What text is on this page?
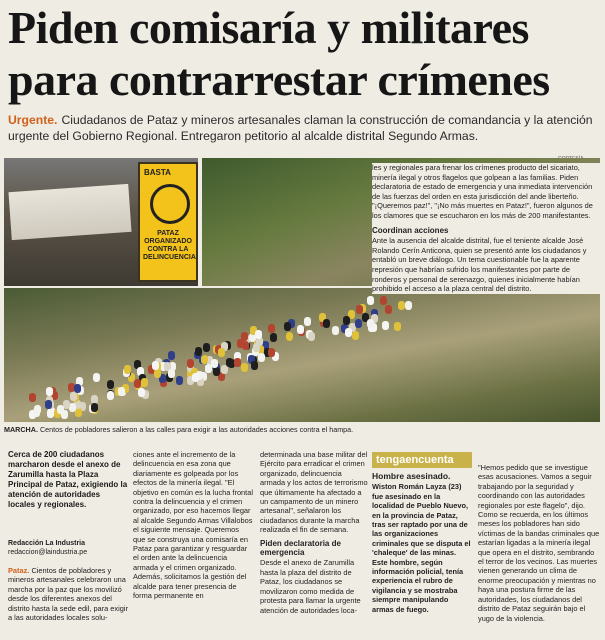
Piden comisaría y militares
para contrarrestar crímenes
Urgente. Ciudadanos de Pataz y mineros artesanales claman la construcción de comandancia y la atención urgente del Gobierno Regional. Entregaron petitorio al alcalde distrital Segundo Armas.
BASTA
PATAZ ORGANIZADO CONTRA LA DELINCUENCIA
MARCHA. Centos de pobladores salieron a las calles para exigir a las autoridades acciones contra el hampa.

les y regionales para frenar los crímenes producto del sicariato, minería ilegal y otros flagelos que golpean a las familias. Piden declaratoria de estado de emergencia y una inmediata intervención de las fuerzas del orden en esta jurisdicción del ande liberteño. "¡Queremos paz!", "¡No más muertes en Pataz!", fueron algunos de los clamores que se escucharon en los más de 200 manifestantes.

Coordinan acciones

Ante la ausencia del alcalde distrital, fue el teniente alcalde José Rolando Cerín Anticona, quien se presentó ante los ciudadanos y entabló un breve diálogo. Un tema cuestionable fue la aparente represión que habrían sufrido los manifestantes por parte de ronderos y personal de serenazgo, quienes inicialmente habían prohibido el acceso a la plaza central del distrito.

Cerca de 200 ciudadanos marcharon desde el anexo de Zarumilla hasta la Plaza Principal de Pataz, exigiendo la atención de autoridades locales y regionales.
Redacción La Industria
redaccion@laindustria.pe
Pataz. Cientos de pobladores y mineros artesanales celebraron una marcha por la paz que los movilizó desde los diferentes anexos del distrito hasta la sede edil, para exigir a las autoridades locales solu-
ciones ante el incremento de la delincuencia en esa zona que diariamente es golpeada por los efectos de la minería ilegal. "El objetivo en común es la lucha frontal contra la delincuencia y el crimen organizado, por eso hacemos llegar al alcalde Segundo Armas Villalobos el siguiente mensaje. Queremos que se construya una comisaría en Pataz para garantizar y resguardar el orden ante la delincuencia armada y el crimen organizado. Además, solicitamos la gestión del alcalde para tener presencia de forma permanente en
determinada una base militar del Ejército para erradicar el crimen organizado, delincuencia armada y los actos de terrorismo que últimamente ha afectado a un campamento de un minero artesanal", señalaron los ciudadanos durante la marcha realizada el fin de semana.
Piden declaratoria de emergencia
Desde el anexo de Zarumilla hasta la plaza del distrito de Pataz, los ciudadanos se movilizaron como medida de protesta para llamar la urgente atención de autoridades loca-
tengaencuenta
Hombre asesinado.
Wiston Román Layza (23) fue asesinado en la localidad de Pueblo Nuevo, en la provincia de Pataz, tras ser raptado por una de las organizaciones criminales que se disputa el 'chaleque' de las minas. Este hombre, según información policial, tenía experiencia el rubro de vigilancia y se mostraba siempre manipulando armas de fuego.
"Hemos pedido que se investigue esas acusaciones. Vamos a seguir trabajando por la seguridad y coordinando con las autoridades regionales por este flagelo", dijo. Como se recuerda, en los últimos meses los pobladores han sido víctimas de la bandas criminales que estarían ligadas a la minería ilegal que opera en el distrito, sembrando el terror de los vecinos. Las muertes vienen generando un clima de enorme preocupación y mientras no haya una postura firme de las autoridades, los ciudadanos del distrito de Pataz seguirán bajo el yugo de la violencia.
